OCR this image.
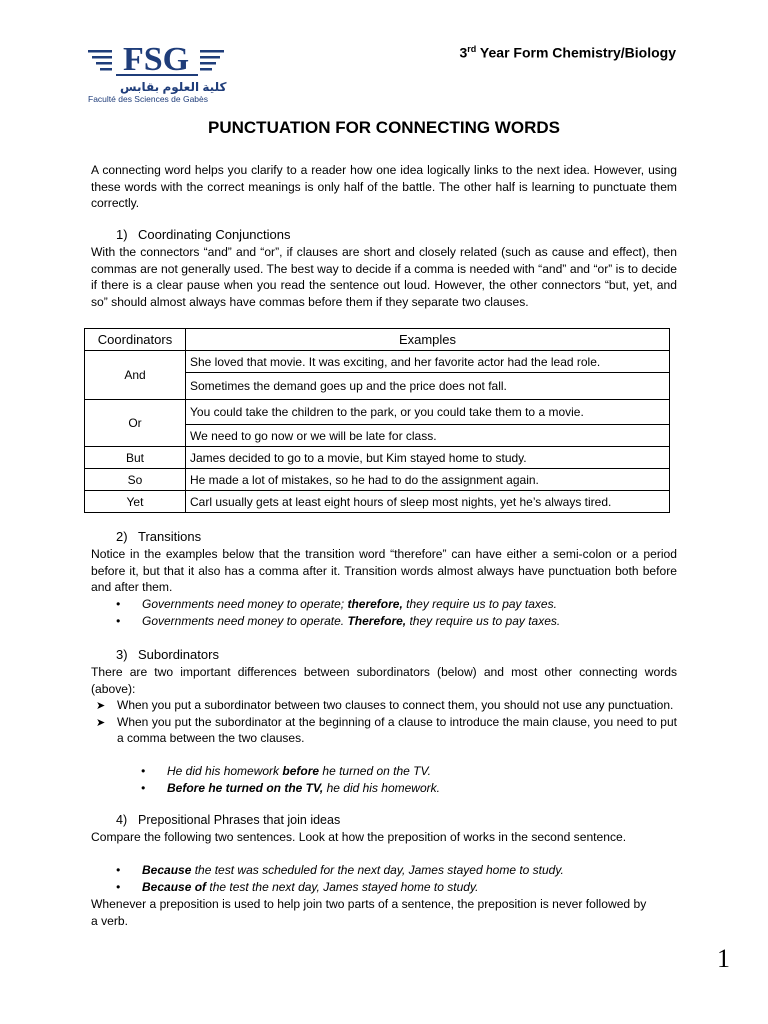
FSG
كلية العلوم بقابس
Faculté des Sciences de Gabès
3rd Year Form Chemistry/Biology
PUNCTUATION FOR CONNECTING WORDS
A connecting word helps you clarify to a reader how one idea logically links to the next idea. However, using these words with the correct meanings is only half of the battle. The other half is learning to punctuate them correctly.
1) Coordinating Conjunctions
With the connectors “and” and “or”, if clauses are short and closely related (such as cause and effect), then commas are not generally used. The best way to decide if a comma is needed with “and” and “or” is to decide if there is a clear pause when you read the sentence out loud. However, the other connectors “but, yet, and so” should almost always have commas before them if they separate two clauses.
Coordinators	Examples
And	She loved that movie. It was exciting, and her favorite actor had the lead role.
	Sometimes the demand goes up and the price does not fall.
Or	You could take the children to the park, or you could take them to a movie.
	We need to go now or we will be late for class.
But	James decided to go to a movie, but Kim stayed home to study.
So	He made a lot of mistakes, so he had to do the assignment again.
Yet	Carl usually gets at least eight hours of sleep most nights, yet he’s always tired.
2) Transitions
Notice in the examples below that the transition word “therefore” can have either a semi-colon or a period before it, but that it also has a comma after it. Transition words almost always have punctuation both before and after them.
• Governments need money to operate; therefore, they require us to pay taxes.
• Governments need money to operate. Therefore, they require us to pay taxes.
3) Subordinators
There are two important differences between subordinators (below) and most other connecting words (above):
➤ When you put a subordinator between two clauses to connect them, you should not use any punctuation.
➤ When you put the subordinator at the beginning of a clause to introduce the main clause, you need to put a comma between the two clauses.
• He did his homework before he turned on the TV.
• Before he turned on the TV, he did his homework.
4) Prepositional Phrases that join ideas
Compare the following two sentences. Look at how the preposition of works in the second sentence.
• Because the test was scheduled for the next day, James stayed home to study.
• Because of the test the next day, James stayed home to study.
Whenever a preposition is used to help join two parts of a sentence, the preposition is never followed by a verb.
1
